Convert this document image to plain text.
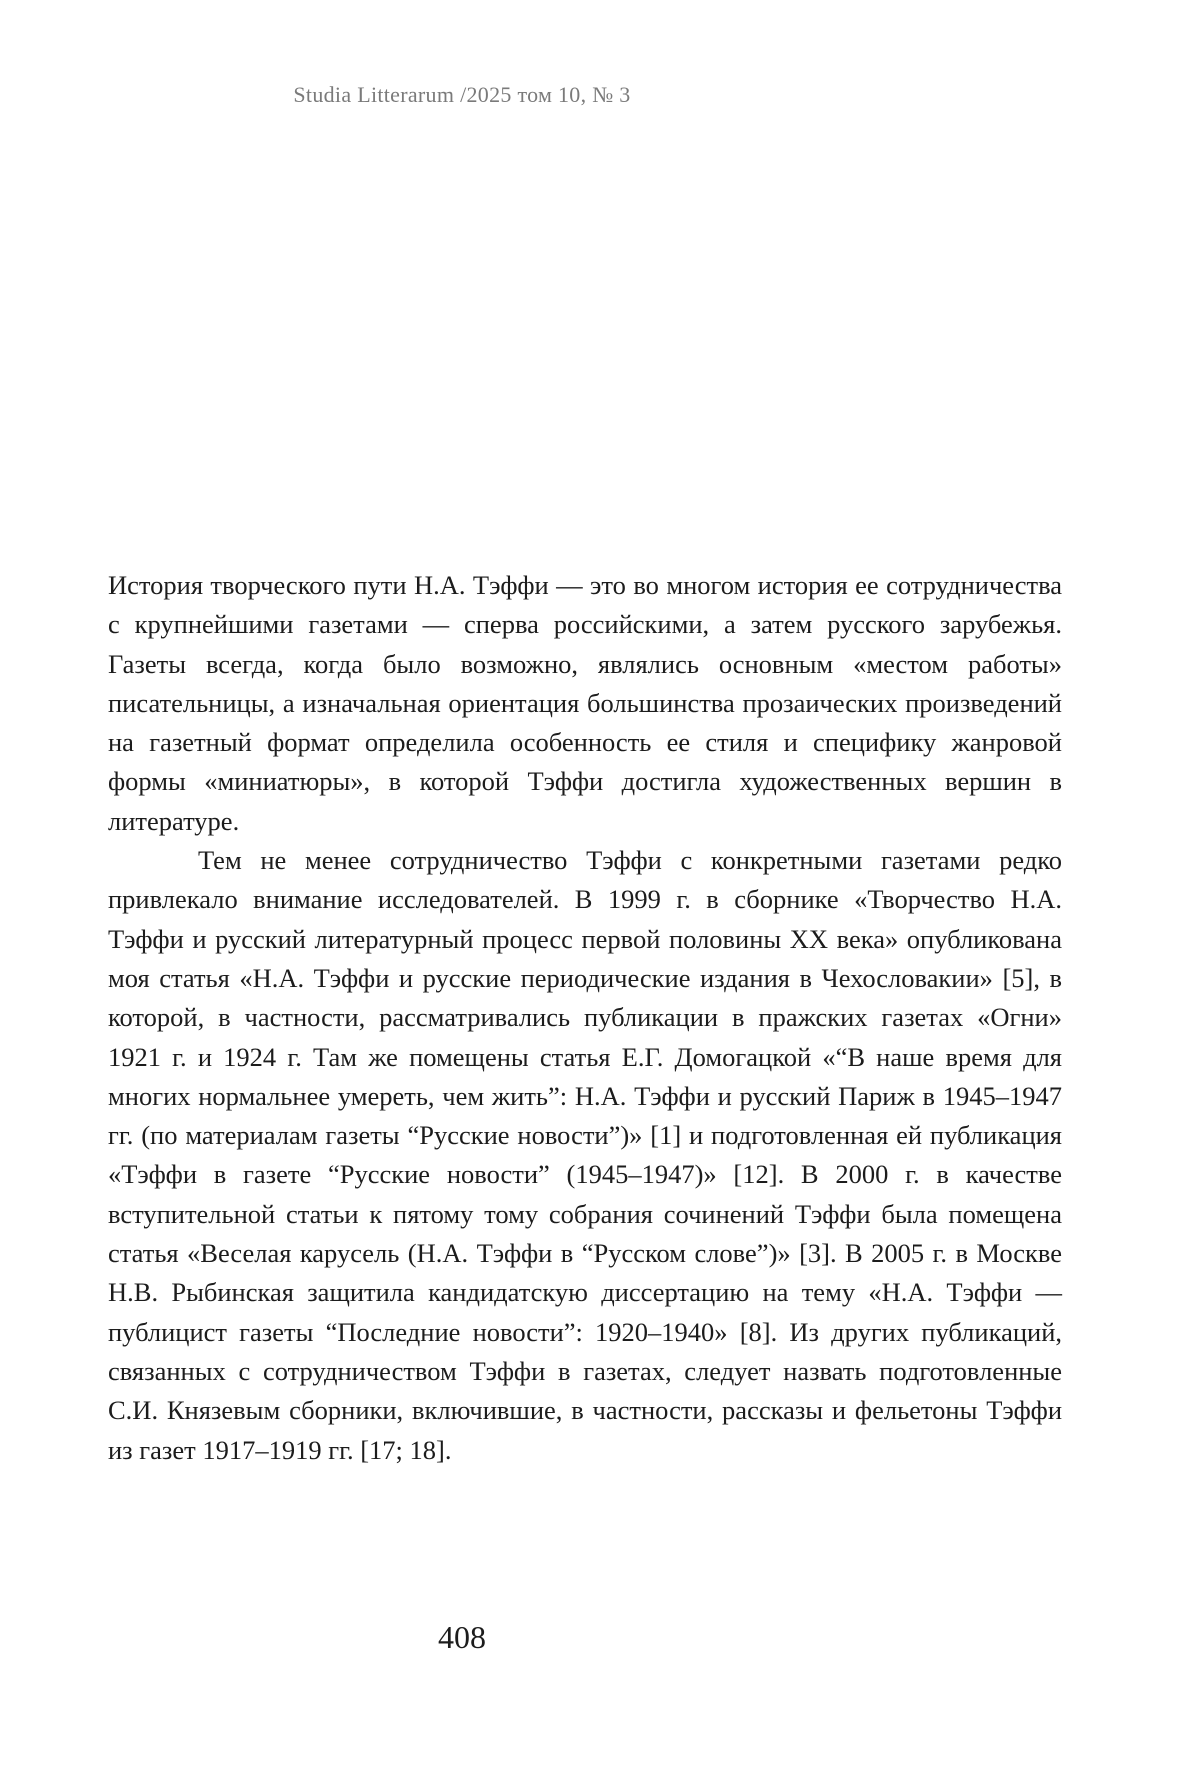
Studia Litterarum /2025 том 10, № 3

История творческого пути Н.А. Тэффи — это во многом история ее сотрудничества с крупнейшими газетами — сперва российскими, а затем русского зарубежья. Газеты всегда, когда было возможно, являлись основным «местом работы» писательницы, а изначальная ориентация большинства прозаических произведений на газетный формат определила особенность ее стиля и специфику жанровой формы «миниатюры», в которой Тэффи достигла художественных вершин в литературе.

Тем не менее сотрудничество Тэффи с конкретными газетами редко привлекало внимание исследователей. В 1999 г. в сборнике «Творчество Н.А. Тэффи и русский литературный процесс первой половины XX века» опубликована моя статья «Н.А. Тэффи и русские периодические издания в Чехословакии» [5], в которой, в частности, рассматривались публикации в пражских газетах «Огни» 1921 г. и 1924 г. Там же помещены статья Е.Г. Домогацкой «“В наше время для многих нормальнее умереть, чем жить”: Н.А. Тэффи и русский Париж в 1945–1947 гг. (по материалам газеты “Русские новости”)» [1] и подготовленная ей публикация «Тэффи в газете “Русские новости” (1945–1947)» [12]. В 2000 г. в качестве вступительной статьи к пятому тому собрания сочинений Тэффи была помещена статья «Веселая карусель (Н.А. Тэффи в “Русском слове”)» [3]. В 2005 г. в Москве Н.В. Рыбинская защитила кандидатскую диссертацию на тему «Н.А. Тэффи — публицист газеты “Последние новости”: 1920–1940» [8]. Из других публикаций, связанных с сотрудничеством Тэффи в газетах, следует назвать подготовленные С.И. Князевым сборники, включившие, в частности, рассказы и фельетоны Тэффи из газет 1917–1919 гг. [17; 18].

408
